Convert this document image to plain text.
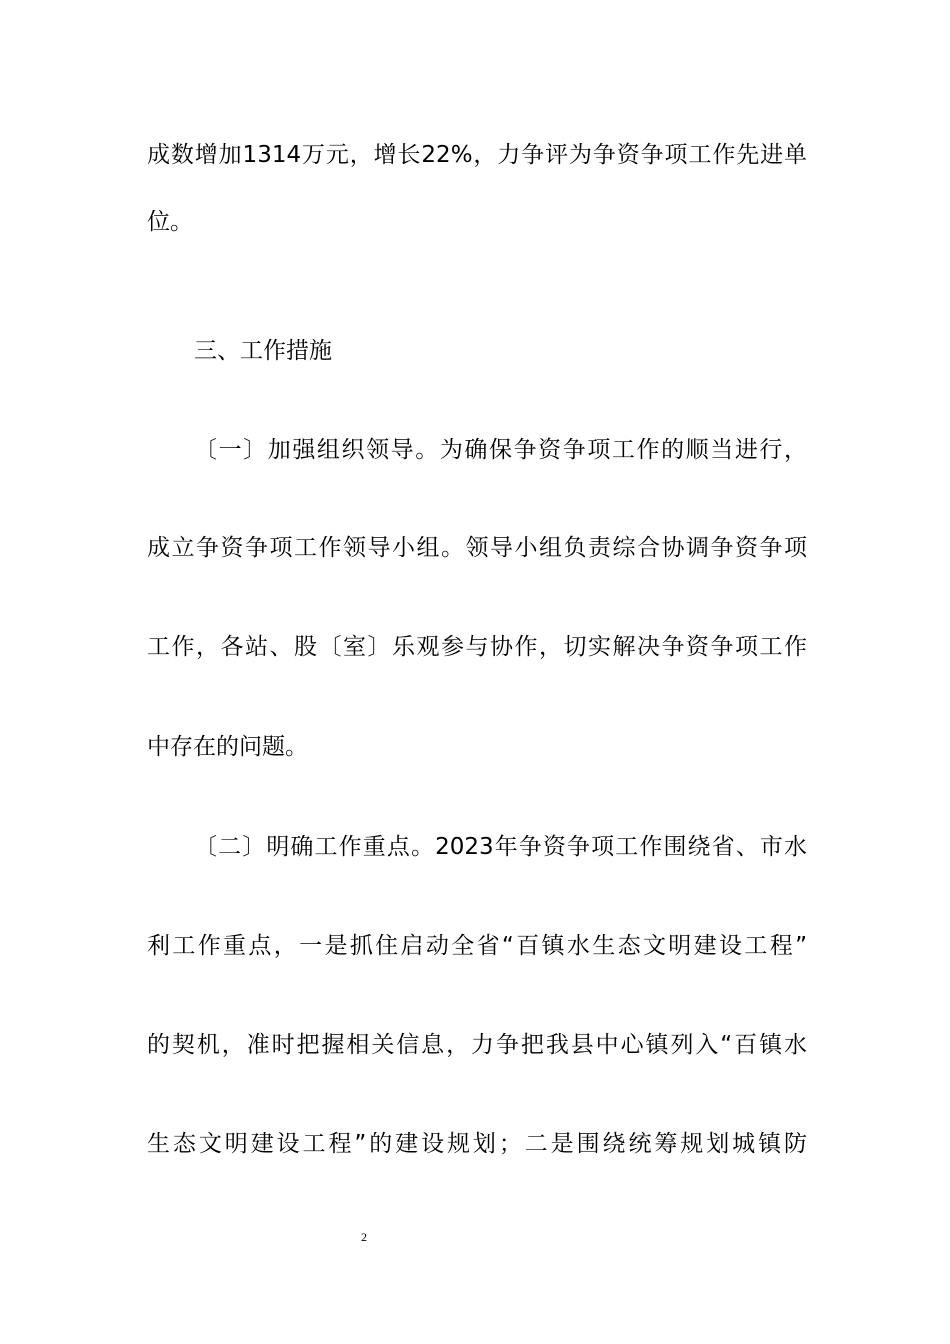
成数增加1314万元，增长22%，力争评为争资争项工作先进单
位。
三、工作措施
〔一〕加强组织领导。为确保争资争项工作的顺当进行，
成立争资争项工作领导小组。领导小组负责综合协调争资争项
工作，各站、股〔室〕乐观参与协作，切实解决争资争项工作
中存在的问题。
〔二〕明确工作重点。2023年争资争项工作围绕省、市水
利工作重点，一是抓住启动全省“百镇水生态文明建设工程”
的契机，准时把握相关信息，力争把我县中心镇列入“百镇水
生态文明建设工程”的建设规划；二是围绕统筹规划城镇防
2
